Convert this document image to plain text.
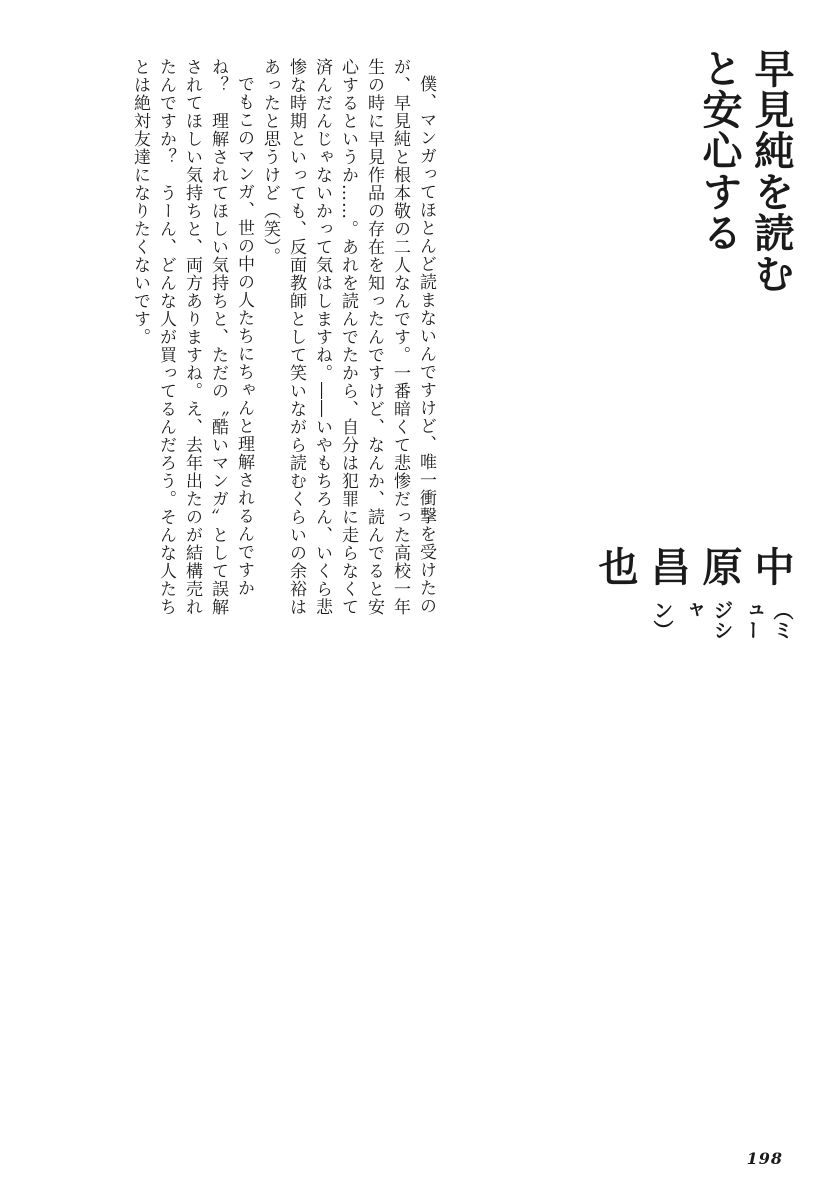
早見純を読むと安心する
中原昌也
（ミュージシャン）

僕、マンガってほとんど読まないんですけど、唯一衝撃を受けたのが、早見純と根本敬の二人なんです。一番暗くて悲惨だった高校一年生の時に早見作品の存在を知ったんですけど、なんか、読んでると安心するというか……。あれを読んでたから、自分は犯罪に走らなくて済んだんじゃないかって気はしますね。――いやもちろん、いくら悲惨な時期といっても、反面教師として笑いながら読むくらいの余裕はあったと思うけど（笑）。

でもこのマンガ、世の中の人たちにちゃんと理解されるんですかね？　理解されてほしい気持ちと、ただの〝酷いマンガ〟として誤解されてほしい気持ちと、両方ありますね。え、去年出たのが結構売れたんですか？　うーん、どんな人が買ってるんだろう。そんな人たちとは絶対友達になりたくないです。

198
